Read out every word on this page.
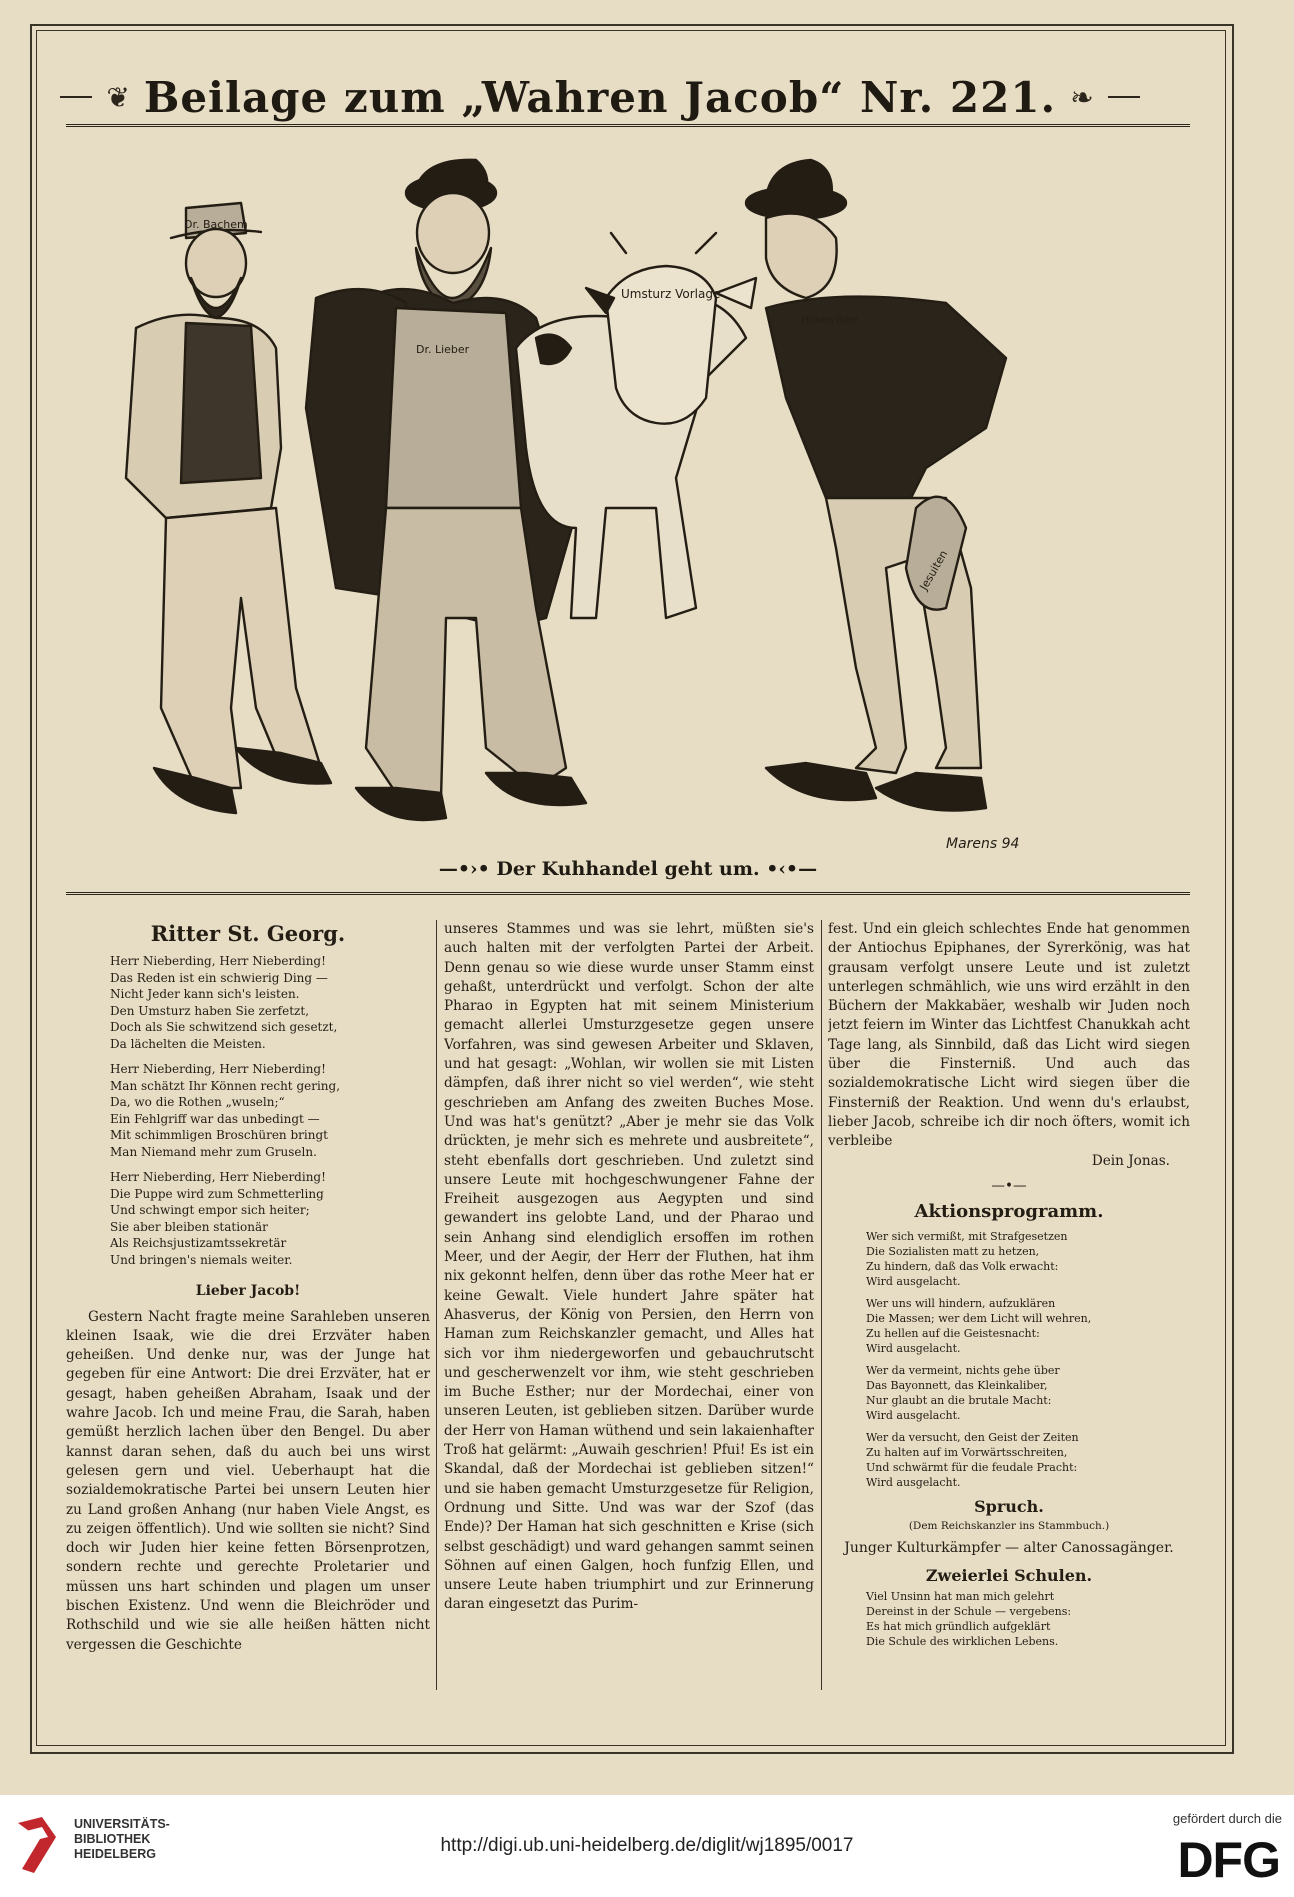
❦ Beilage zum „Wahren Jacob“ Nr. 221. ❧
Dr. Bachem
Dr. Lieber
Umsturz Vorlage
Hohen lohe
Jesuiten
Marens 94
—•›• Der Kuhhandel geht um. •‹•—
Ritter St. Georg.

Herr Nieberding, Herr Nieberding!
Das Reden ist ein schwierig Ding —
Nicht Jeder kann sich's leisten.
Den Umsturz haben Sie zerfetzt,
Doch als Sie schwitzend sich gesetzt,
Da lächelten die Meisten.

Herr Nieberding, Herr Nieberding!
Man schätzt Ihr Können recht gering,
Da, wo die Rothen „wuseln;“
Ein Fehlgriff war das unbedingt —
Mit schimmligen Broschüren bringt
Man Niemand mehr zum Gruseln.

Herr Nieberding, Herr Nieberding!
Die Puppe wird zum Schmetterling
Und schwingt empor sich heiter;
Sie aber bleiben stationär
Als Reichsjustizamtssekretär
Und bringen's niemals weiter.

Lieber Jacob!
Gestern Nacht fragte meine Sarahleben unseren kleinen Isaak, wie die drei Erzväter haben geheißen. Und denke nur, was der Junge hat gegeben für eine Antwort: Die drei Erzväter, hat er gesagt, haben geheißen Abraham, Isaak und der wahre Jacob. Ich und meine Frau, die Sarah, haben gemüßt herzlich lachen über den Bengel. Du aber kannst daran sehen, daß du auch bei uns wirst gelesen gern und viel. Ueberhaupt hat die sozialdemokratische Partei bei unsern Leuten hier zu Land großen Anhang (nur haben Viele Angst, es zu zeigen öffentlich). Und wie sollten sie nicht? Sind doch wir Juden hier keine fetten Börsenprotzen, sondern rechte und gerechte Proletarier und müssen uns hart schinden und plagen um unser bischen Existenz. Und wenn die Bleichröder und Rothschild und wie sie alle heißen hätten nicht vergessen die Geschichte
unseres Stammes und was sie lehrt, müßten sie's auch halten mit der verfolgten Partei der Arbeit. Denn genau so wie diese wurde unser Stamm einst gehaßt, unterdrückt und verfolgt. Schon der alte Pharao in Egypten hat mit seinem Ministerium gemacht allerlei Umsturzgesetze gegen unsere Vorfahren, was sind gewesen Arbeiter und Sklaven, und hat gesagt: „Wohlan, wir wollen sie mit Listen dämpfen, daß ihrer nicht so viel werden“, wie steht geschrieben am Anfang des zweiten Buches Mose. Und was hat's genützt? „Aber je mehr sie das Volk drückten, je mehr sich es mehrete und ausbreitete“, steht ebenfalls dort geschrieben. Und zuletzt sind unsere Leute mit hochgeschwungener Fahne der Freiheit ausgezogen aus Aegypten und sind gewandert ins gelobte Land, und der Pharao und sein Anhang sind elendiglich ersoffen im rothen Meer, und der Aegir, der Herr der Fluthen, hat ihm nix gekonnt helfen, denn über das rothe Meer hat er keine Gewalt. Viele hundert Jahre später hat Ahasverus, der König von Persien, den Herrn von Haman zum Reichskanzler gemacht, und Alles hat sich vor ihm niedergeworfen und gebauchrutscht und gescherwenzelt vor ihm, wie steht geschrieben im Buche Esther; nur der Mordechai, einer von unseren Leuten, ist geblieben sitzen. Darüber wurde der Herr von Haman wüthend und sein lakaienhafter Troß hat gelärmt: „Auwaih geschrien! Pfui! Es ist ein Skandal, daß der Mordechai ist geblieben sitzen!“ und sie haben gemacht Umsturzgesetze für Religion, Ordnung und Sitte. Und was war der Szof (das Ende)? Der Haman hat sich geschnitten e Krise (sich selbst geschädigt) und ward gehangen sammt seinen Söhnen auf einen Galgen, hoch funfzig Ellen, und unsere Leute haben triumphirt und zur Erinnerung daran eingesetzt das Purim-
fest. Und ein gleich schlechtes Ende hat genommen der Antiochus Epiphanes, der Syrerkönig, was hat grausam verfolgt unsere Leute und ist zuletzt unterlegen schmählich, wie uns wird erzählt in den Büchern der Makkabäer, weshalb wir Juden noch jetzt feiern im Winter das Lichtfest Chanukkah acht Tage lang, als Sinnbild, daß das Licht wird siegen über die Finsterniß. Und auch das sozialdemokratische Licht wird siegen über die Finsterniß der Reaktion. Und wenn du's erlaubst, lieber Jacob, schreibe ich dir noch öfters, womit ich verbleibe
Dein Jonas.
—•—
Aktionsprogramm.

Wer sich vermißt, mit Strafgesetzen
Die Sozialisten matt zu hetzen,
Zu hindern, daß das Volk erwacht:
Wird ausgelacht.

Wer uns will hindern, aufzuklären
Die Massen; wer dem Licht will wehren,
Zu hellen auf die Geistesnacht:
Wird ausgelacht.

Wer da vermeint, nichts gehe über
Das Bayonnett, das Kleinkaliber,
Nur glaubt an die brutale Macht:
Wird ausgelacht.

Wer da versucht, den Geist der Zeiten
Zu halten auf im Vorwärtsschreiten,
Und schwärmt für die feudale Pracht:
Wird ausgelacht.

Spruch.
(Dem Reichskanzler ins Stammbuch.)
Junger Kulturkämpfer — alter Canossagänger.
Zweierlei Schulen.
Viel Unsinn hat man mich gelehrt
Dereinst in der Schule — vergebens:
Es hat mich gründlich aufgeklärt
Die Schule des wirklichen Lebens.
UNIVERSITÄTS-
BIBLIOTHEK
HEIDELBERG	http://digi.ub.uni-heidelberg.de/diglit/wj1895/0017
gefördert durch die
DFG
